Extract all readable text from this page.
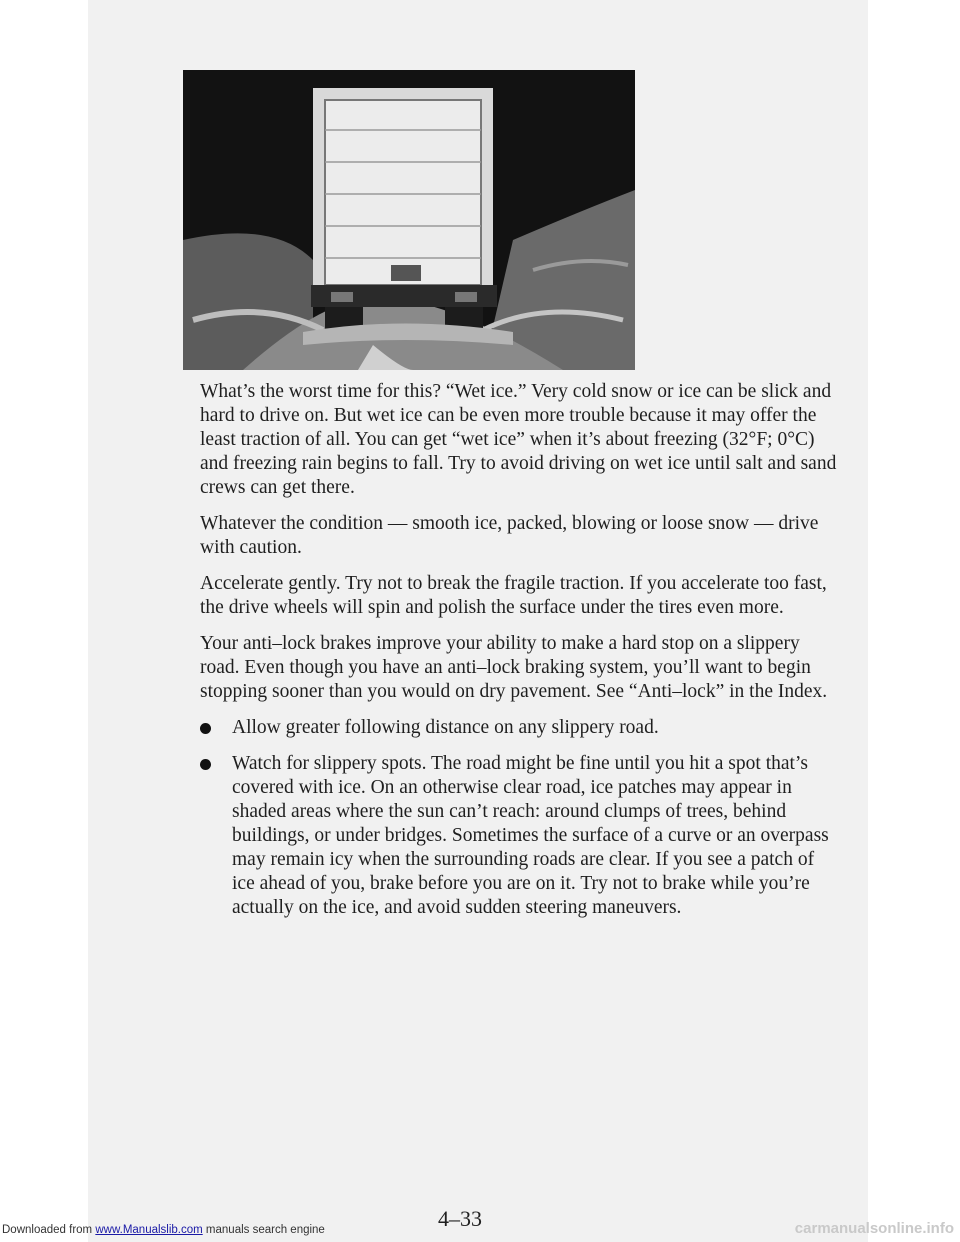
What’s the worst time for this? “Wet ice.” Very cold snow or ice can be slick and hard to drive on. But wet ice can be even more trouble because it may offer the least traction of all. You can get “wet ice” when it’s about freezing (32°F; 0°C) and freezing rain begins to fall. Try to avoid driving on wet ice until salt and sand crews can get there.

Whatever the condition — smooth ice, packed, blowing or loose snow — drive with caution.

Accelerate gently. Try not to break the fragile traction. If you accelerate too fast, the drive wheels will spin and polish the surface under the tires even more.

Your anti–lock brakes improve your ability to make a hard stop on a slippery road. Even though you have an anti–lock braking system, you’ll want to begin stopping sooner than you would on dry pavement. See “Anti–lock” in the Index.

Allow greater following distance on any slippery road.
Watch for slippery spots. The road might be fine until you hit a spot that’s covered with ice. On an otherwise clear road, ice patches may appear in shaded areas where the sun can’t reach: around clumps of trees, behind buildings, or under bridges. Sometimes the surface of a curve or an overpass may remain icy when the surrounding roads are clear. If you see a patch of ice ahead of you, brake before you are on it. Try not to brake while you’re actually on the ice, and avoid sudden steering maneuvers.
4–33
Downloaded from www.Manualslib.com manuals search engine	carmanualsonline.info
